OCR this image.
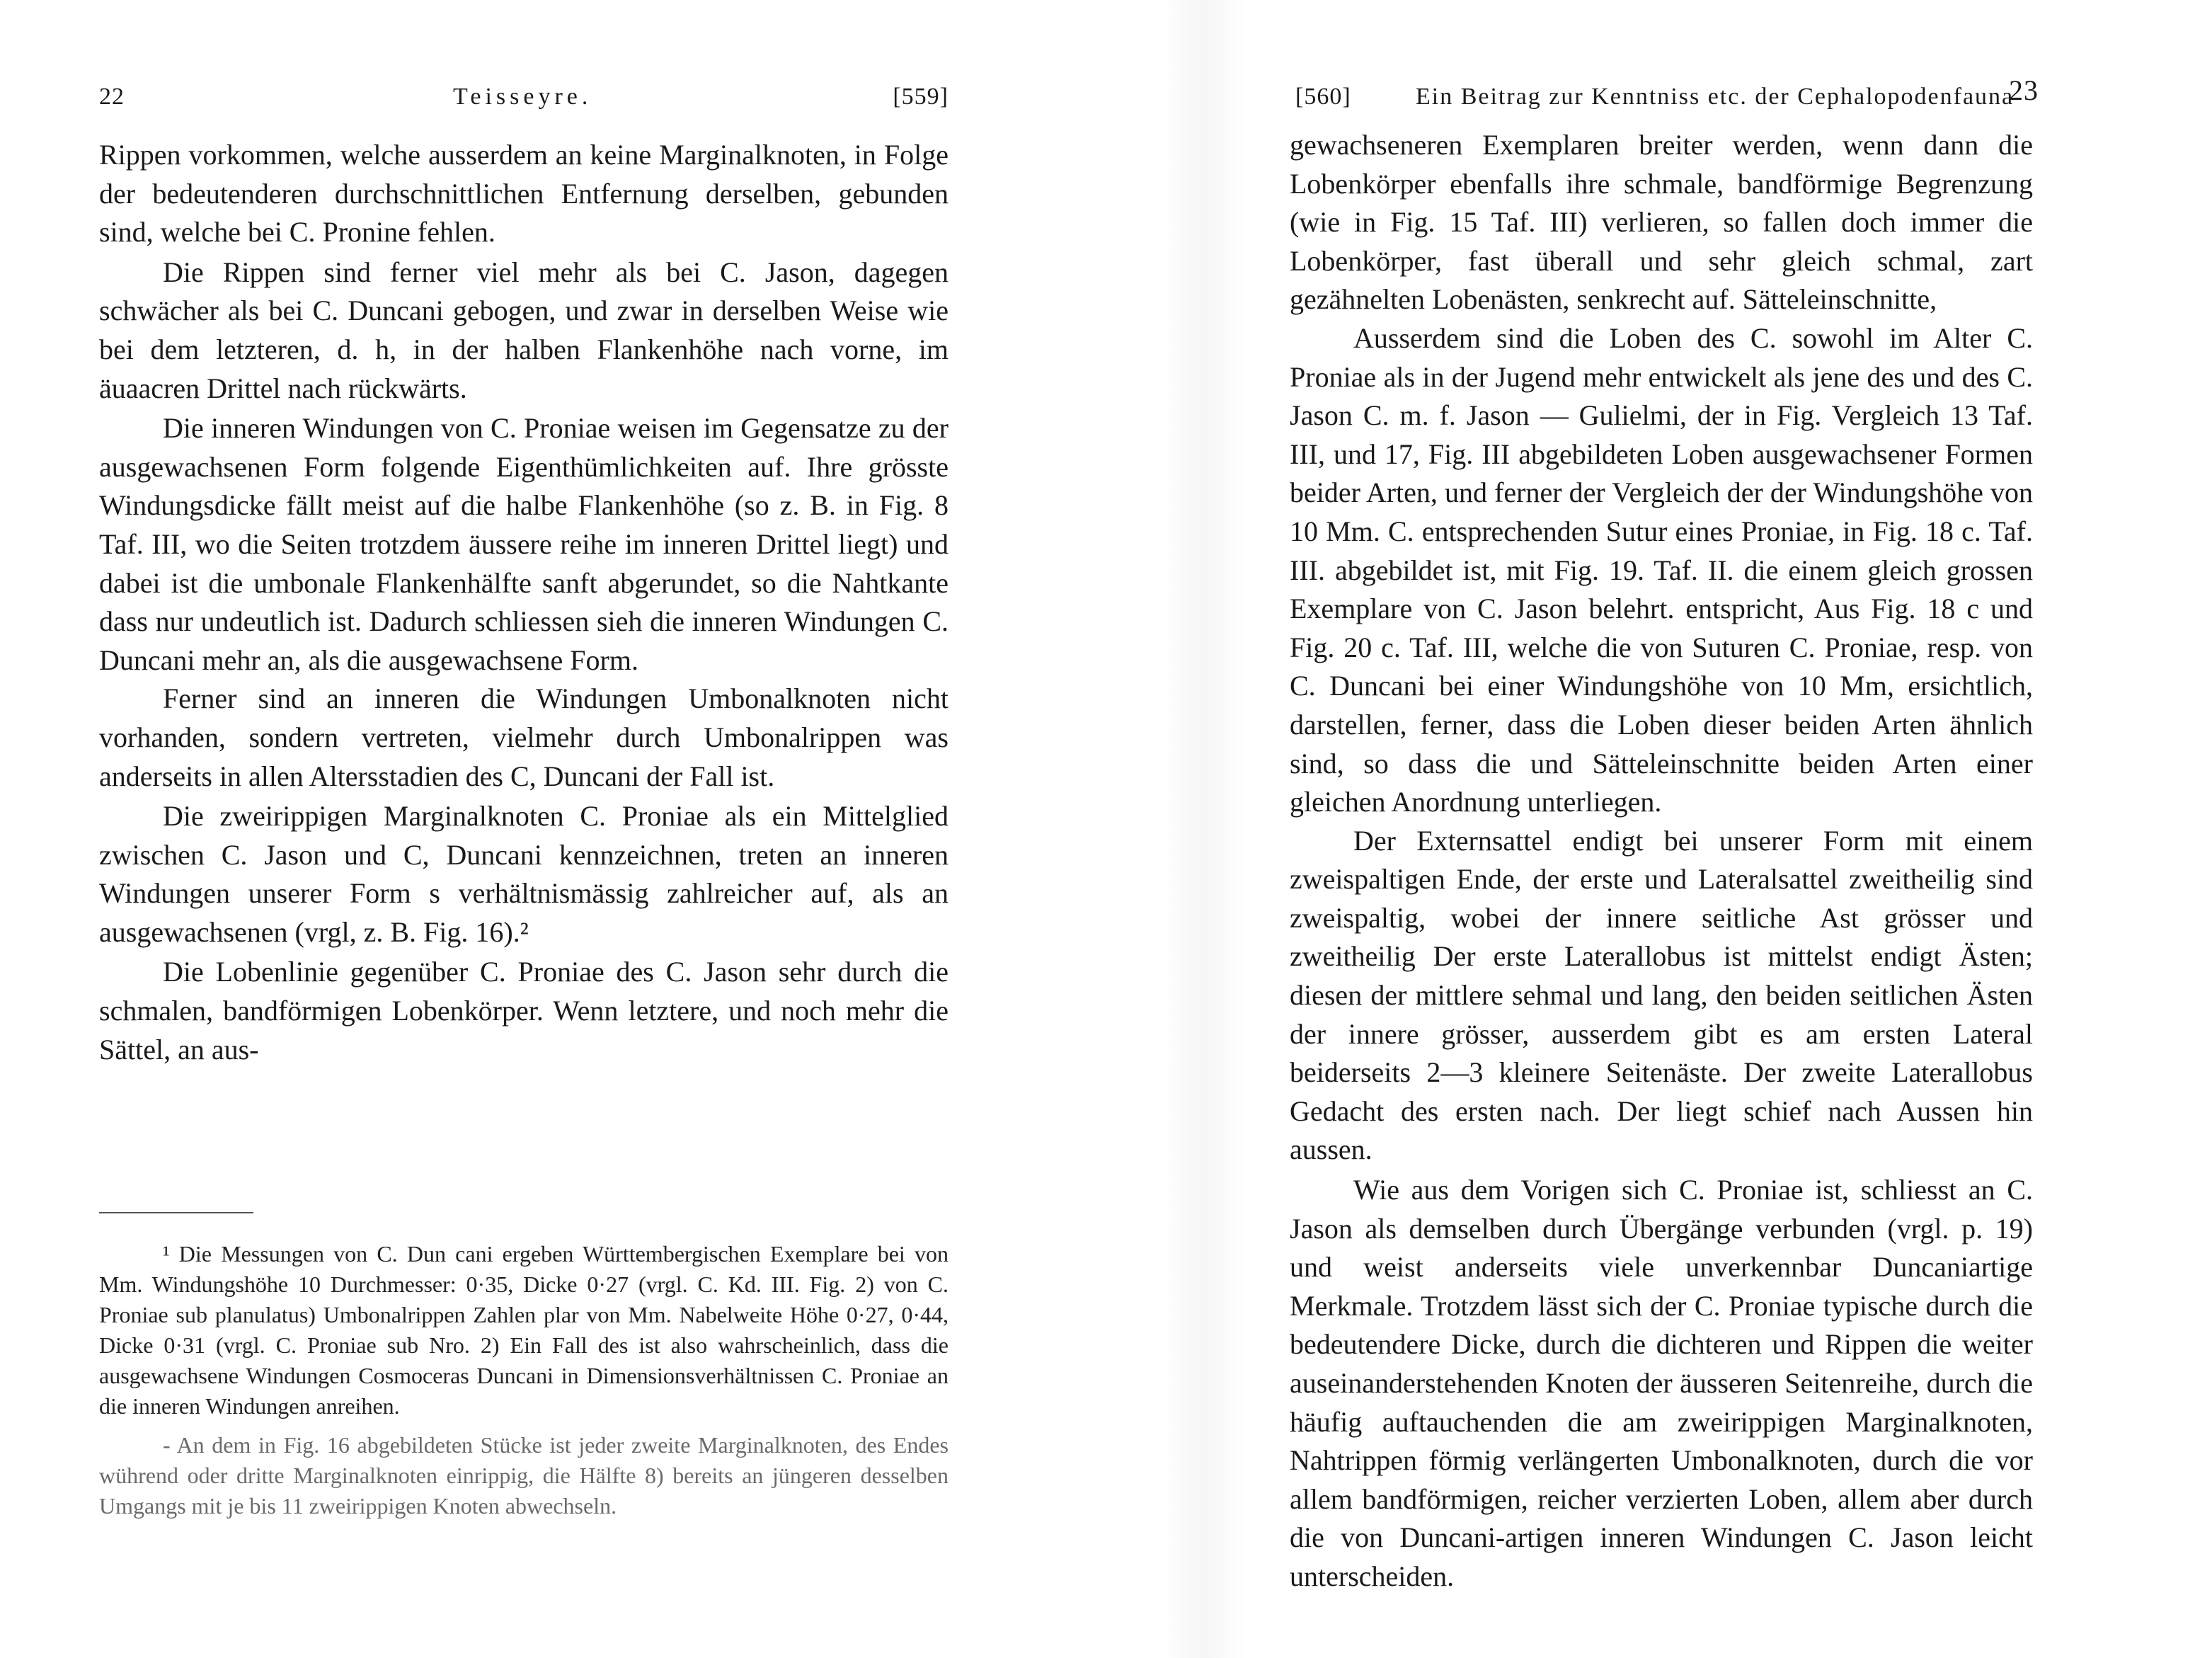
22	Teisseyre.	[559]

Rippen vorkommen, welche ausserdem an keine Marginalknoten, in Folge der bedeutenderen durchschnittlichen Entfernung derselben, gebunden sind, welche bei C. Pronine fehlen.

Die Rippen sind ferner viel mehr als bei C. Jason, dagegen schwächer als bei C. Duncani gebogen, und zwar in derselben Weise wie bei dem letzteren, d. h, in der halben Flankenhöhe nach vorne, im äuaacren Drittel nach rückwärts.

Die inneren Windungen von C. Proniae weisen im Gegensatze zu der ausgewachsenen Form folgende Eigenthümlichkeiten auf. Ihre grösste Windungsdicke fällt meist auf die halbe Flankenhöhe (so z. B. in Fig. 8 Taf. III, wo die Seiten trotzdem äussere reihe im inneren Drittel liegt) und dabei ist die umbonale Flankenhälfte sanft abgerundet, so die Nahtkante dass nur undeutlich ist. Dadurch schliessen sieh die inneren Windungen C. Duncani mehr an, als die ausgewachsene Form.

Ferner sind an inneren die Windungen Umbonalknoten nicht vorhanden, sondern vertreten, vielmehr durch Umbonalrippen was anderseits in allen Altersstadien des C, Duncani der Fall ist.

Die zweirippigen Marginalknoten C. Proniae als ein Mittelglied zwischen C. Jason und C, Duncani kennzeichnen, treten an inneren Windungen unserer Form s verhältnismässig zahlreicher auf, als an ausgewachsenen (vrgl, z. B. Fig. 16).²

Die Lobenlinie gegenüber C. Proniae des C. Jason sehr durch die schmalen, bandförmigen Lobenkörper. Wenn letztere, und noch mehr die Sättel, an aus-

¹ Die Messungen von C. Dun cani ergeben Württembergischen Exemplare bei von Mm. Windungshöhe 10 Durchmesser: 0·35, Dicke 0·27 (vrgl. C. Kd. III. Fig. 2) von C. Proniae sub planulatus) Umbonalrippen Zahlen plar von Mm. Nabelweite Höhe 0·27, 0·44, Dicke 0·31 (vrgl. C. Proniae sub Nro. 2) Ein Fall des ist also wahrscheinlich, dass die ausgewachsene Windungen Cosmoceras Duncani in Dimensionsverhältnissen C. Proniae an die inneren Windungen anreihen.

- An dem in Fig. 16 abgebildeten Stücke ist jeder zweite Marginalknoten, des Endes wührend oder dritte Marginalknoten einrippig, die Hälfte 8) bereits an jüngeren desselben Umgangs mit je bis 11 zweirippigen Knoten abwechseln.

[560]	Ein Beitrag zur Kenntniss etc. der Cephalopodenfauna
23

gewachseneren Exemplaren breiter werden, wenn dann die Lobenkörper ebenfalls ihre schmale, bandförmige Begrenzung (wie in Fig. 15 Taf. III) verlieren, so fallen doch immer die Lobenkörper, fast überall und sehr gleich schmal, zart gezähnelten Lobenästen, senkrecht auf. Sätteleinschnitte,

Ausserdem sind die Loben des C. sowohl im Alter C. Proniae als in der Jugend mehr entwickelt als jene des und des C. Jason C. m. f. Jason — Gulielmi, der in Fig. Vergleich 13 Taf. III, und 17, Fig. III abgebildeten Loben ausgewachsener Formen beider Arten, und ferner der Vergleich der der Windungshöhe von 10 Mm. C. entsprechenden Sutur eines Proniae, in Fig. 18 c. Taf. III. abgebildet ist, mit Fig. 19. Taf. II. die einem gleich grossen Exemplare von C. Jason belehrt. entspricht, Aus Fig. 18 c und Fig. 20 c. Taf. III, welche die von Suturen C. Proniae, resp. von C. Duncani bei einer Windungshöhe von 10 Mm, ersichtlich, darstellen, ferner, dass die Loben dieser beiden Arten ähnlich sind, so dass die und Sätteleinschnitte beiden Arten einer gleichen Anordnung unterliegen.

Der Externsattel endigt bei unserer Form mit einem zweispaltigen Ende, der erste und Lateralsattel zweitheilig sind zweispaltig, wobei der innere seitliche Ast grösser und zweitheilig Der erste Laterallobus ist mittelst endigt Ästen; diesen der mittlere sehmal und lang, den beiden seitlichen Ästen der innere grösser, ausserdem gibt es am ersten Lateral beiderseits 2—3 kleinere Seitenäste. Der zweite Laterallobus Gedacht des ersten nach. Der liegt schief nach Aussen hin aussen.

Wie aus dem Vorigen sich C. Proniae ist, schliesst an C. Jason als demselben durch Übergänge verbunden (vrgl. p. 19) und weist anderseits viele unverkennbar Duncaniartige Merkmale. Trotzdem lässt sich der C. Proniae typische durch die bedeutendere Dicke, durch die dichteren und Rippen die weiter auseinanderstehenden Knoten der äusseren Seitenreihe, durch die häufig auftauchenden die am zweirippigen Marginalknoten, Nahtrippen förmig verlängerten Umbonalknoten, durch die vor allem bandförmigen, reicher verzierten Loben, allem aber durch die von Duncani-artigen inneren Windungen C. Jason leicht unterscheiden.
